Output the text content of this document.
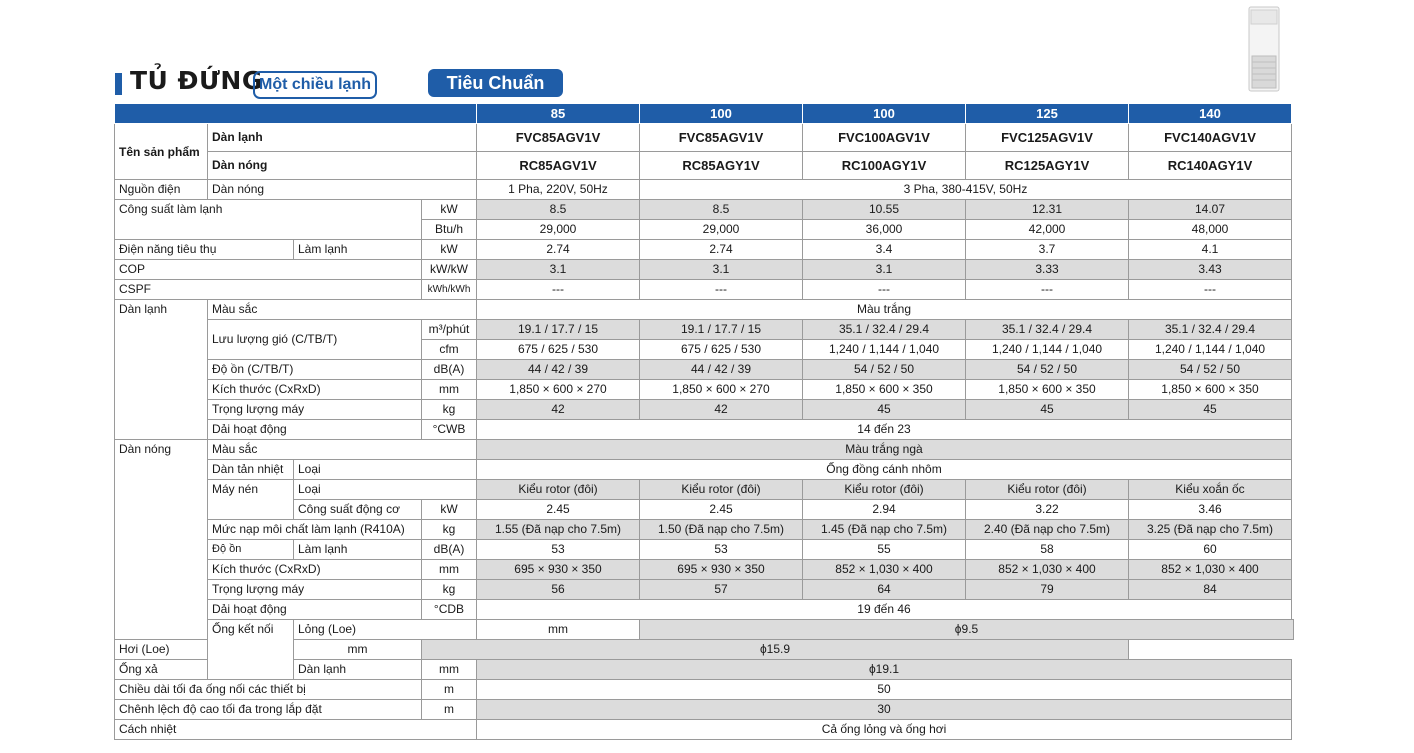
TỦ ĐỨNG
Một chiều lạnh	Tiêu Chuẩn
				85	100	100	125	140
Tên sản phẩm	Dàn lạnh			FVC85AGV1V	FVC85AGV1V	FVC100AGV1V	FVC125AGV1V	FVC140AGV1V
	Dàn nóng			RC85AGV1V	RC85AGY1V	RC100AGY1V	RC125AGY1V	RC140AGY1V
Nguồn điện	Dàn nóng			1 Pha, 220V, 50Hz	3 Pha, 380-415V, 50Hz			
Công suất làm lạnh			kW	8.5	8.5	10.55	12.31	14.07
			Btu/h	29,000	29,000	36,000	42,000	48,000
Điện năng tiêu thụ		Làm lạnh	kW	2.74	2.74	3.4	3.7	4.1
COP			kW/kW	3.1	3.1	3.1	3.33	3.43
CSPF			kWh/kWh	---	---	---	---	---
Dàn lạnh	Màu sắc			Màu trắng				
	Lưu lượng gió (C/TB/T)		m³/phút	19.1 / 17.7 / 15	19.1 / 17.7 / 15	35.1 / 32.4 / 29.4	35.1 / 32.4 / 29.4	35.1 / 32.4 / 29.4
			cfm	675 / 625 / 530	675 / 625 / 530	1,240 / 1,144 / 1,040	1,240 / 1,144 / 1,040	1,240 / 1,144 / 1,040
	Độ ồn (C/TB/T)		dB(A)	44 / 42 / 39	44 / 42 / 39	54 / 52 / 50	54 / 52 / 50	54 / 52 / 50
	Kích thước (CxRxD)		mm	1,850 × 600 × 270	1,850 × 600 × 270	1,850 × 600 × 350	1,850 × 600 × 350	1,850 × 600 × 350
	Trọng lượng máy		kg	42	42	45	45	45
	Dải hoạt động		°CWB	14 đến 23				
Dàn nóng	Màu sắc			Màu trắng ngà				
	Dàn tản nhiệt	Loại		Ống đồng cánh nhôm				
	Máy nén	Loại		Kiểu rotor (đôi)	Kiểu rotor (đôi)	Kiểu rotor (đôi)	Kiểu rotor (đôi)	Kiểu xoắn ốc
		Công suất động cơ	kW	2.45	2.45	2.94	3.22	3.46
	Mức nạp môi chất làm lạnh (R410A)		kg	1.55 (Đã nạp cho 7.5m)	1.50 (Đã nạp cho 7.5m)	1.45 (Đã nạp cho 7.5m)	2.40 (Đã nạp cho 7.5m)	3.25 (Đã nạp cho 7.5m)
	Độ ồn	Làm lạnh	dB(A)	53	53	55	58	60
	Kích thước (CxRxD)		mm	695 × 930 × 350	695 × 930 × 350	852 × 1,030 × 400	852 × 1,030 × 400	852 × 1,030 × 400
	Trọng lượng máy		kg	56	57	64	79	84
	Dải hoạt động		°CDB	19 đến 46				
	Ống kết nối	Lỏng (Loe)		mm	ϕ9.5			
Hơi (Loe)		mm	ϕ15.9					
Ống xả		Dàn lạnh	mm	ϕ19.1				
Chiều dài tối đa ống nối các thiết bị			m	50				
Chênh lệch độ cao tối đa trong lắp đặt			m	30				
Cách nhiệt				Cả ống lỏng và ống hơi				
